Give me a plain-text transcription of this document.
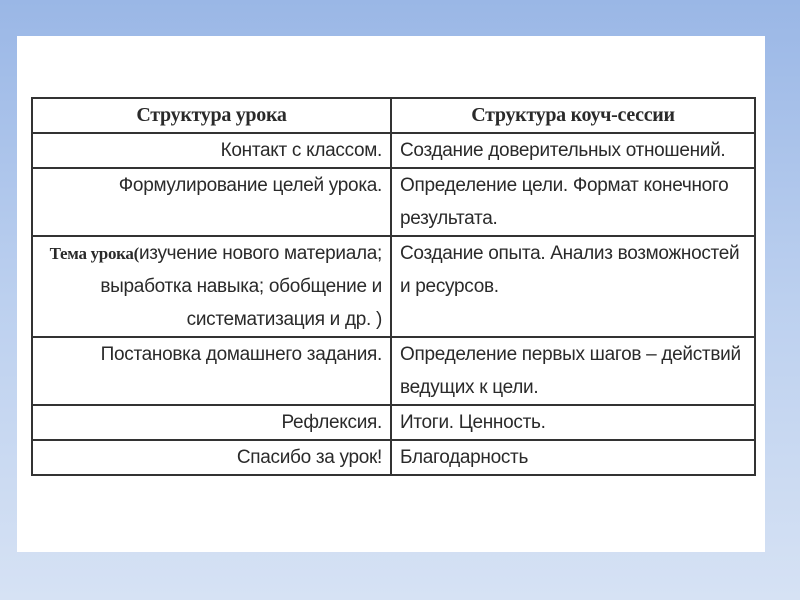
Структура урока	Структура коуч-сессии
Контакт с классом.	Создание доверительных отношений.
Формулирование целей урока.	Определение цели. Формат конечного результата.
Тема урока(изучение нового материала; выработка навыка; обобщение и систематизация и др. )	Создание опыта. Анализ возможностей и ресурсов.
Постановка домашнего задания.	Определение первых шагов – действий ведущих к цели.
Рефлексия.	Итоги. Ценность.
Спасибо за урок!	Благодарность
